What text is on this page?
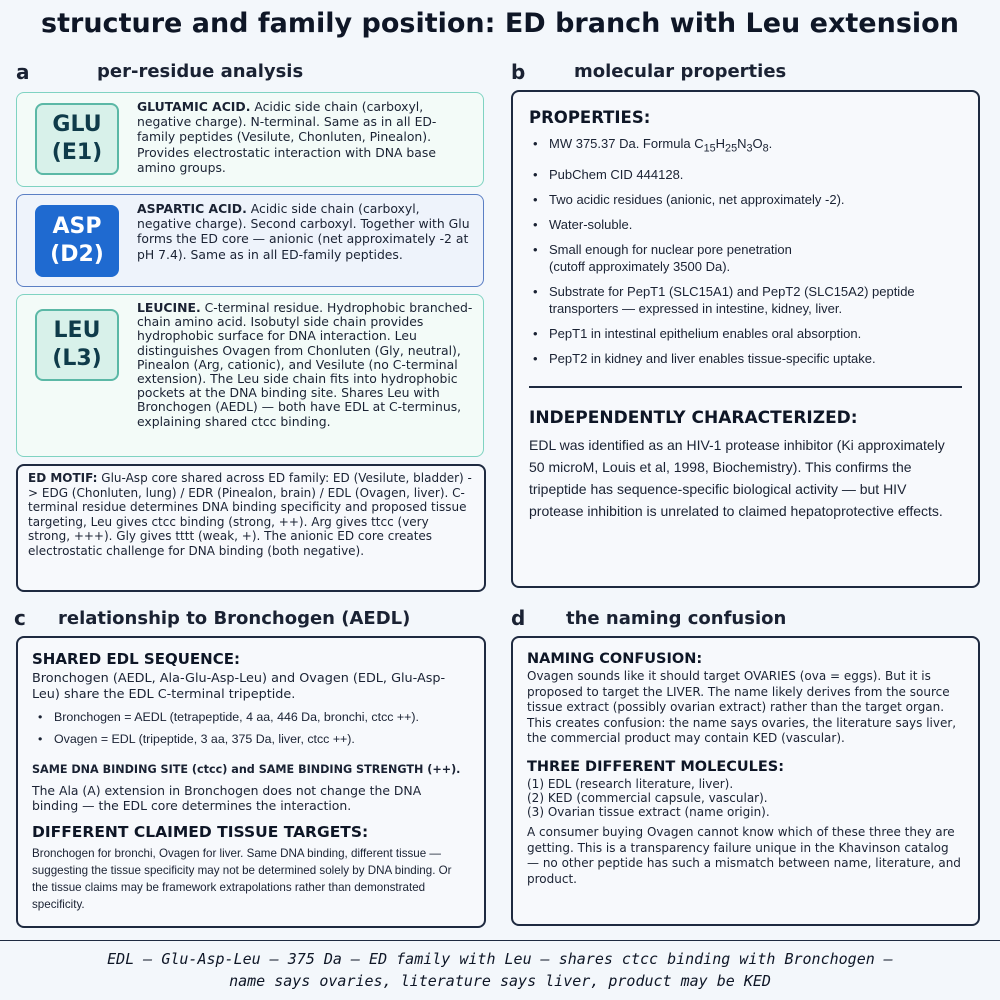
structure and family position: ED branch with Leu extension
a	per-residue analysis
GLU
(E1)
GLUTAMIC ACID. Acidic side chain (carboxyl, negative charge). N-terminal. Same as in all ED-family peptides (Vesilute, Chonluten, Pinealon). Provides electrostatic interaction with DNA base amino groups.
ASP
(D2)
ASPARTIC ACID. Acidic side chain (carboxyl, negative charge). Second carboxyl. Together with Glu forms the ED core — anionic (net approximately -2 at pH 7.4). Same as in all ED-family peptides.
LEU
(L3)
LEUCINE. C-terminal residue. Hydrophobic branched-chain amino acid. Isobutyl side chain provides hydrophobic surface for DNA interaction. Leu distinguishes Ovagen from Chonluten (Gly, neutral), Pinealon (Arg, cationic), and Vesilute (no C-terminal extension). The Leu side chain fits into hydrophobic pockets at the DNA binding site. Shares Leu with Bronchogen (AEDL) — both have EDL at C-terminus, explaining shared ctcc binding.
ED MOTIF: Glu-Asp core shared across ED family: ED (Vesilute, bladder) -> EDG (Chonluten, lung) / EDR (Pinealon, brain) / EDL (Ovagen, liver). C-terminal residue determines DNA binding specificity and proposed tissue targeting, Leu gives ctcc binding (strong, ++). Arg gives ttcc (very strong, +++). Gly gives tttt (weak, +). The anionic ED core creates electrostatic challenge for DNA binding (both negative).
b	molecular properties
PROPERTIES:
• MW 375.37 Da. Formula $C_{15}H_{25}N_3O_8$.
• PubChem CID 444128.
• Two acidic residues (anionic, net approximately -2).
• Water-soluble.
• Small enough for nuclear pore penetration (cutoff approximately 3500 Da).
• Substrate for PepT1 (SLC15A1) and PepT2 (SLC15A2) peptide transporters — expressed in intestine, kidney, liver.
• PepT1 in intestinal epithelium enables oral absorption.
• PepT2 in kidney and liver enables tissue-specific uptake.
INDEPENDENTLY CHARACTERIZED:
EDL was identified as an HIV-1 protease inhibitor (Ki approximately 50 microM, Louis et al, 1998, Biochemistry). This confirms the tripeptide has sequence-specific biological activity — but HIV protease inhibition is unrelated to claimed hepatoprotective effects.
c relationship to Bronchogen (AEDL)
SHARED EDL SEQUENCE:
Bronchogen (AEDL, Ala-Glu-Asp-Leu) and Ovagen (EDL, Glu-Asp-Leu) share the EDL C-terminal tripeptide.
• Bronchogen = AEDL (tetrapeptide, 4 aa, 446 Da, bronchi, ctcc ++).
• Ovagen = EDL (tripeptide, 3 aa, 375 Da, liver, ctcc ++).
SAME DNA BINDING SITE (ctcc) and SAME BINDING STRENGTH (++).
The Ala (A) extension in Bronchogen does not change the DNA binding — the EDL core determines the interaction.
DIFFERENT CLAIMED TISSUE TARGETS:
Bronchogen for bronchi, Ovagen for liver. Same DNA binding, different tissue — suggesting the tissue specificity may not be determined solely by DNA binding. Or the tissue claims may be framework extrapolations rather than demonstrated specificity.
d the naming confusion
NAMING CONFUSION:
Ovagen sounds like it should target OVARIES (ova = eggs). But it is proposed to target the LIVER. The name likely derives from the source tissue extract (possibly ovarian extract) rather than the target organ. This creates confusion: the name says ovaries, the literature says liver, the commercial product may contain KED (vascular).
THREE DIFFERENT MOLECULES:
(1) EDL (research literature, liver).
(2) KED (commercial capsule, vascular).
(3) Ovarian tissue extract (name origin).
A consumer buying Ovagen cannot know which of these three they are getting. This is a transparency failure unique in the Khavinson catalog — no other peptide has such a mismatch between name, literature, and product.
EDL — Glu-Asp-Leu — 375 Da — ED family with Leu — shares ctcc binding with Bronchogen —
name says ovaries, literature says liver, product may be KED
